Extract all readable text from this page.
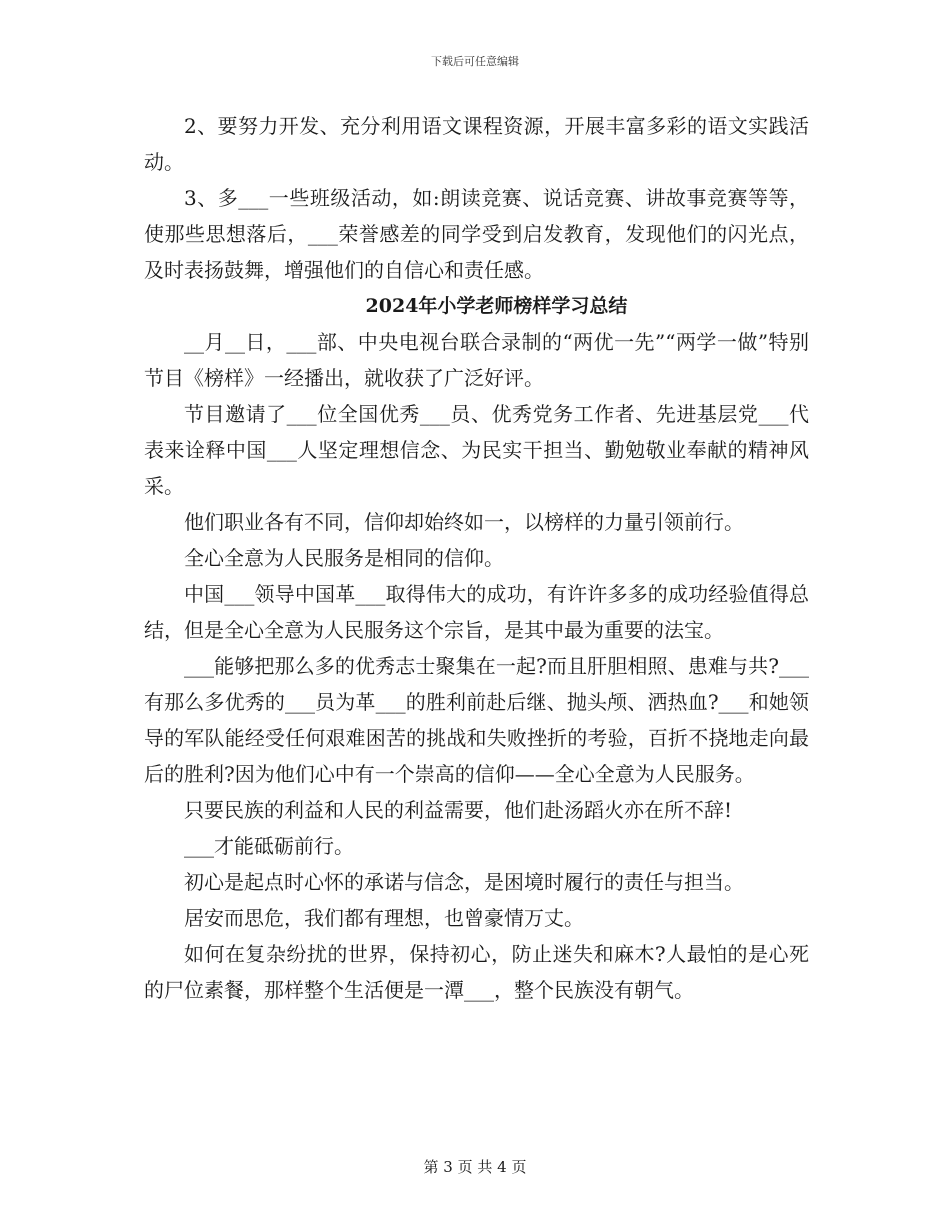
下载后可任意编辑

2、要努力开发、充分利用语文课程资源，开展丰富多彩的语文实践活动。

3、多___一些班级活动，如:朗读竞赛、说话竞赛、讲故事竞赛等等，使那些思想落后，___荣誉感差的同学受到启发教育，发现他们的闪光点，及时表扬鼓舞，增强他们的自信心和责任感。

2024年小学老师榜样学习总结

__月__日，___部、中央电视台联合录制的“两优一先”“两学一做”特别节目《榜样》一经播出，就收获了广泛好评。

节目邀请了___位全国优秀___员、优秀党务工作者、先进基层党___代表来诠释中国___人坚定理想信念、为民实干担当、勤勉敬业奉献的精神风采。

他们职业各有不同，信仰却始终如一，以榜样的力量引领前行。

全心全意为人民服务是相同的信仰。

中国___领导中国革___取得伟大的成功，有许许多多的成功经验值得总结，但是全心全意为人民服务这个宗旨，是其中最为重要的法宝。

___能够把那么多的优秀志士聚集在一起?而且肝胆相照、患难与共?___有那么多优秀的___员为革___的胜利前赴后继、抛头颅、洒热血?___和她领导的军队能经受任何艰难困苦的挑战和失败挫折的考验，百折不挠地走向最后的胜利?因为他们心中有一个崇高的信仰——全心全意为人民服务。

只要民族的利益和人民的利益需要，他们赴汤蹈火亦在所不辞!

___才能砥砺前行。

初心是起点时心怀的承诺与信念，是困境时履行的责任与担当。

居安而思危，我们都有理想，也曾豪情万丈。

如何在复杂纷扰的世界，保持初心，防止迷失和麻木?人最怕的是心死的尸位素餐，那样整个生活便是一潭___，整个民族没有朝气。

第 3 页 共 4 页
